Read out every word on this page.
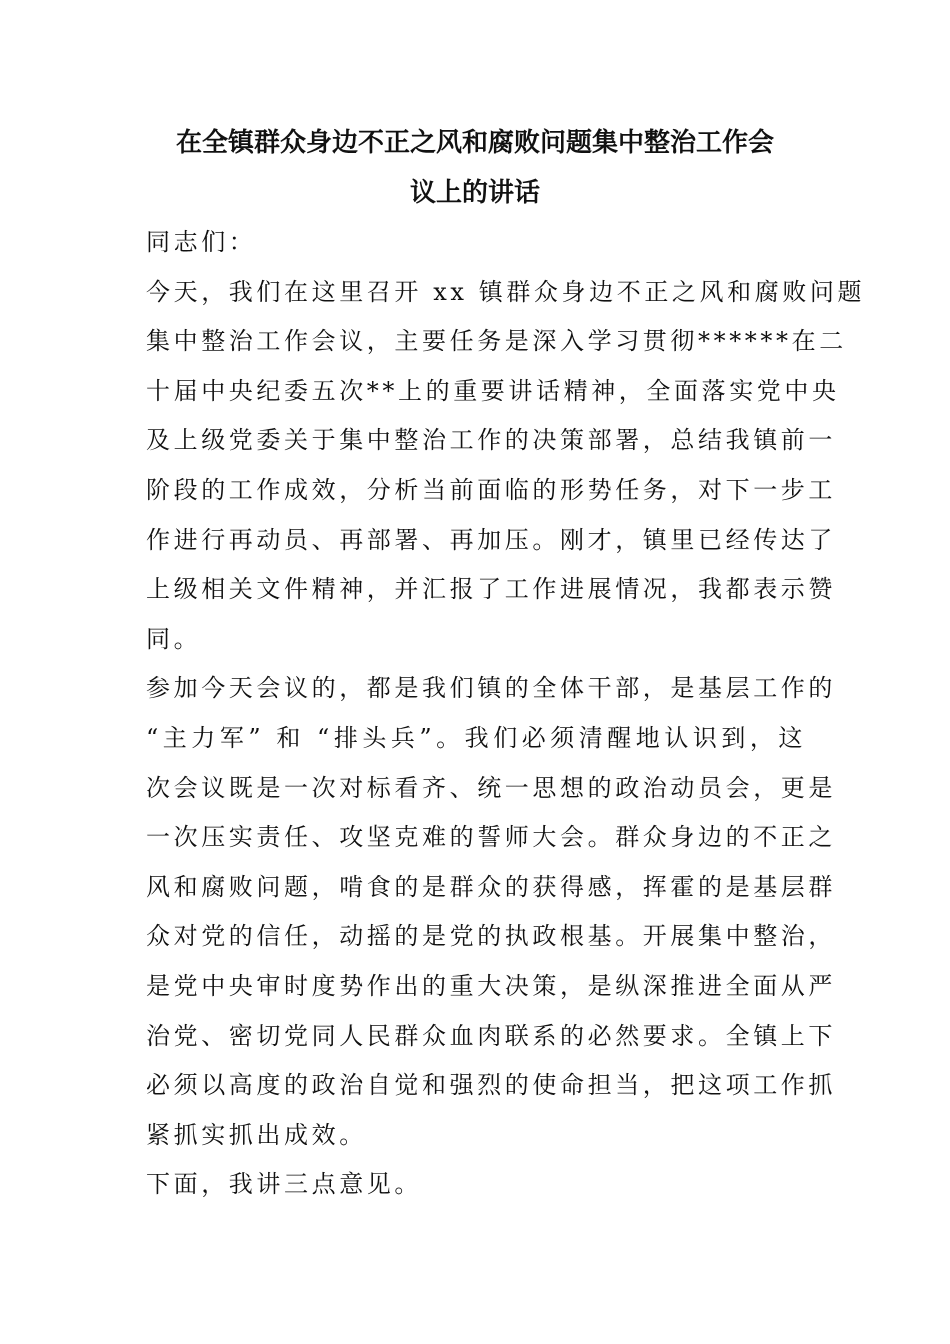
在全镇群众身边不正之风和腐败问题集中整治工作会
议上的讲话
同志们：
今天，我们在这里召开 xx 镇群众身边不正之风和腐败问题
集中整治工作会议，主要任务是深入学习贯彻******在二
十届中央纪委五次**上的重要讲话精神，全面落实党中央
及上级党委关于集中整治工作的决策部署，总结我镇前一
阶段的工作成效，分析当前面临的形势任务，对下一步工
作进行再动员、再部署、再加压。刚才，镇里已经传达了
上级相关文件精神，并汇报了工作进展情况，我都表示赞
同。
参加今天会议的，都是我们镇的全体干部，是基层工作的
“主力军” 和 “排头兵”。我们必须清醒地认识到，这
次会议既是一次对标看齐、统一思想的政治动员会，更是
一次压实责任、攻坚克难的誓师大会。群众身边的不正之
风和腐败问题，啃食的是群众的获得感，挥霍的是基层群
众对党的信任，动摇的是党的执政根基。开展集中整治，
是党中央审时度势作出的重大决策，是纵深推进全面从严
治党、密切党同人民群众血肉联系的必然要求。全镇上下
必须以高度的政治自觉和强烈的使命担当，把这项工作抓
紧抓实抓出成效。
下面，我讲三点意见。
